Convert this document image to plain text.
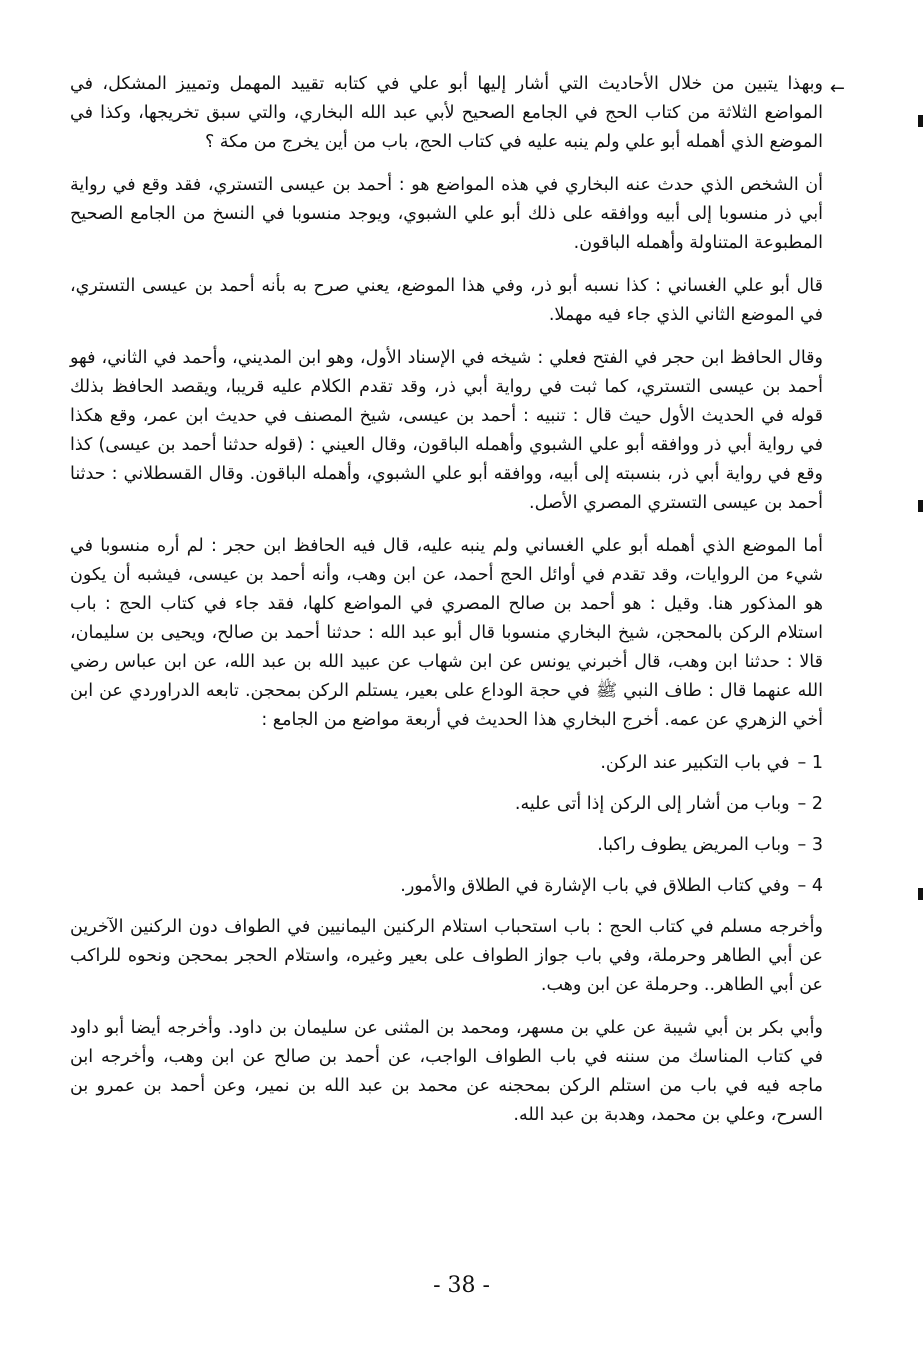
←

وبهذا يتبين من خلال الأحاديث التي أشار إليها أبو علي في كتابه تقييد المهمل وتمييز المشكل، في المواضع الثلاثة من كتاب الحج في الجامع الصحيح لأبي عبد الله البخاري، والتي سبق تخريجها، وكذا في الموضع الذي أهمله أبو علي ولم ينبه عليه في كتاب الحج، باب من أين يخرج من مكة ؟

أن الشخص الذي حدث عنه البخاري في هذه المواضع هو : أحمد بن عيسى التستري، فقد وقع في رواية أبي ذر منسوبا إلى أبيه ووافقه على ذلك أبو علي الشبوي، ويوجد منسوبا في النسخ من الجامع الصحيح المطبوعة المتناولة وأهمله الباقون.

قال أبو علي الغساني : كذا نسبه أبو ذر، وفي هذا الموضع، يعني صرح به بأنه أحمد بن عيسى التستري، في الموضع الثاني الذي جاء فيه مهملا.

وقال الحافظ ابن حجر في الفتح فعلي : شيخه في الإسناد الأول، وهو ابن المديني، وأحمد في الثاني، فهو أحمد بن عيسى التستري، كما ثبت في رواية أبي ذر، وقد تقدم الكلام عليه قريبا، ويقصد الحافظ بذلك قوله في الحديث الأول حيث قال : تنبيه : أحمد بن عيسى، شيخ المصنف في حديث ابن عمر، وقع هكذا في رواية أبي ذر ووافقه أبو علي الشبوي وأهمله الباقون، وقال العيني : (قوله حدثنا أحمد بن عيسى) كذا وقع في رواية أبي ذر، بنسبته إلى أبيه، ووافقه أبو علي الشبوي، وأهمله الباقون. وقال القسطلاني : حدثنا أحمد بن عيسى التستري المصري الأصل.

أما الموضع الذي أهمله أبو علي الغساني ولم ينبه عليه، قال فيه الحافظ ابن حجر : لم أره منسوبا في شيء من الروايات، وقد تقدم في أوائل الحج أحمد، عن ابن وهب، وأنه أحمد بن عيسى، فيشبه أن يكون هو المذكور هنا. وقيل : هو أحمد بن صالح المصري في المواضع كلها، فقد جاء في كتاب الحج : باب استلام الركن بالمحجن، شيخ البخاري منسوبا قال أبو عبد الله : حدثنا أحمد بن صالح، ويحيى بن سليمان، قالا : حدثنا ابن وهب، قال أخبرني يونس عن ابن شهاب عن عبيد الله بن عبد الله، عن ابن عباس رضي الله عنهما قال : طاف النبي ﷺ في حجة الوداع على بعير، يستلم الركن بمحجن. تابعه الدراوردي عن ابن أخي الزهري عن عمه. أخرج البخاري هذا الحديث في أربعة مواضع من الجامع :

1 –في باب التكبير عند الركن.
2 –وباب من أشار إلى الركن إذا أتى عليه.
3 –وباب المريض يطوف راكبا.
4 –وفي كتاب الطلاق في باب الإشارة في الطلاق والأمور.

وأخرجه مسلم في كتاب الحج : باب استحباب استلام الركنين اليمانيين في الطواف دون الركنين الآخرين عن أبي الطاهر وحرملة، وفي باب جواز الطواف على بعير وغيره، واستلام الحجر بمحجن ونحوه للراكب عن أبي الطاهر.. وحرملة عن ابن وهب.

وأبي بكر بن أبي شيبة عن علي بن مسهر، ومحمد بن المثنى عن سليمان بن داود. وأخرجه أيضا أبو داود في كتاب المناسك من سننه في باب الطواف الواجب، عن أحمد بن صالح عن ابن وهب، وأخرجه ابن ماجه فيه في باب من استلم الركن بمحجنه عن محمد بن عبد الله بن نمير، وعن أحمد بن عمرو بن السرح، وعلي بن محمد، وهدبة بن عبد الله.

- 38 -
